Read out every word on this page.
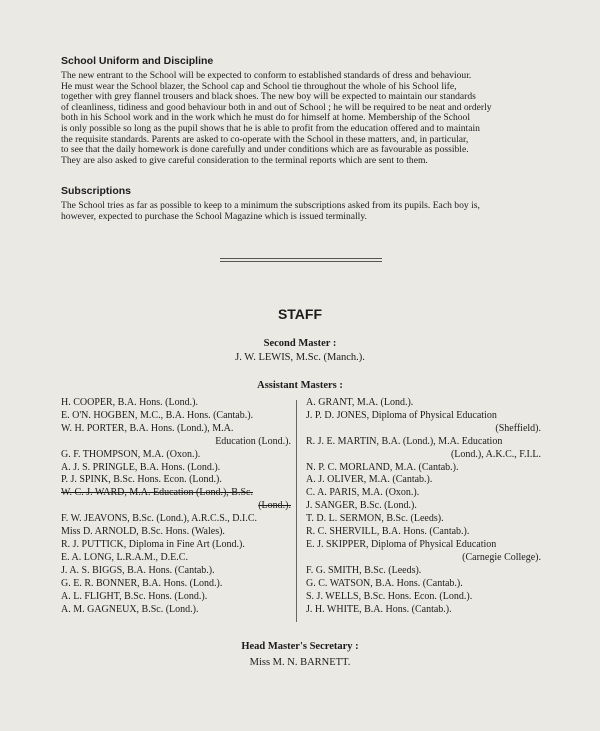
School Uniform and Discipline
The new entrant to the School will be expected to conform to established standards of dress and behaviour.
He must wear the School blazer, the School cap and School tie throughout the whole of his School life,
together with grey flannel trousers and black shoes. The new boy will be expected to maintain our standards
of cleanliness, tidiness and good behaviour both in and out of School ; he will be required to be neat and orderly
both in his School work and in the work which he must do for himself at home. Membership of the School
is only possible so long as the pupil shows that he is able to profit from the education offered and to maintain
the requisite standards. Parents are asked to co-operate with the School in these matters, and, in particular,
to see that the daily homework is done carefully and under conditions which are as favourable as possible.
They are also asked to give careful consideration to the terminal reports which are sent to them.
Subscriptions
The School tries as far as possible to keep to a minimum the subscriptions asked from its pupils. Each boy is,
however, expected to purchase the School Magazine which is issued terminally.
STAFF
Second Master :

J. W. LEWIS, M.Sc. (Manch.).

Assistant Masters :
H. COOPER, B.A. Hons. (Lond.).
E. O'N. HOGBEN, M.C., B.A. Hons. (Cantab.).
W. H. PORTER, B.A. Hons. (Lond.), M.A.
Education (Lond.).
G. F. THOMPSON, M.A. (Oxon.).
A. J. S. PRINGLE, B.A. Hons. (Lond.).
P. J. SPINK, B.Sc. Hons. Econ. (Lond.).
W. C. J. WARD, M.A. Education (Lond.), B.Sc.
(Lond.).
F. W. JEAVONS, B.Sc. (Lond.), A.R.C.S., D.I.C.
Miss D. ARNOLD, B.Sc. Hons. (Wales).
R. J. PUTTICK, Diploma in Fine Art (Lond.).
E. A. LONG, L.R.A.M., D.E.C.
J. A. S. BIGGS, B.A. Hons. (Cantab.).
G. E. R. BONNER, B.A. Hons. (Lond.).
A. L. FLIGHT, B.Sc. Hons. (Lond.).
A. M. GAGNEUX, B.Sc. (Lond.).
A. GRANT, M.A. (Lond.).
J. P. D. JONES, Diploma of Physical Education
(Sheffield).
R. J. E. MARTIN, B.A. (Lond.), M.A. Education
(Lond.), A.K.C., F.I.L.
N. P. C. MORLAND, M.A. (Cantab.).
A. J. OLIVER, M.A. (Cantab.).
C. A. PARIS, M.A. (Oxon.).
J. SANGER, B.Sc. (Lond.).
T. D. L. SERMON, B.Sc. (Leeds).
R. C. SHERVILL, B.A. Hons. (Cantab.).
E. J. SKIPPER, Diploma of Physical Education
(Carnegie College).
F. G. SMITH, B.Sc. (Leeds).
G. C. WATSON, B.A. Hons. (Cantab.).
S. J. WELLS, B.Sc. Hons. Econ. (Lond.).
J. H. WHITE, B.A. Hons. (Cantab.).
Head Master's Secretary :

Miss M. N. BARNETT.
